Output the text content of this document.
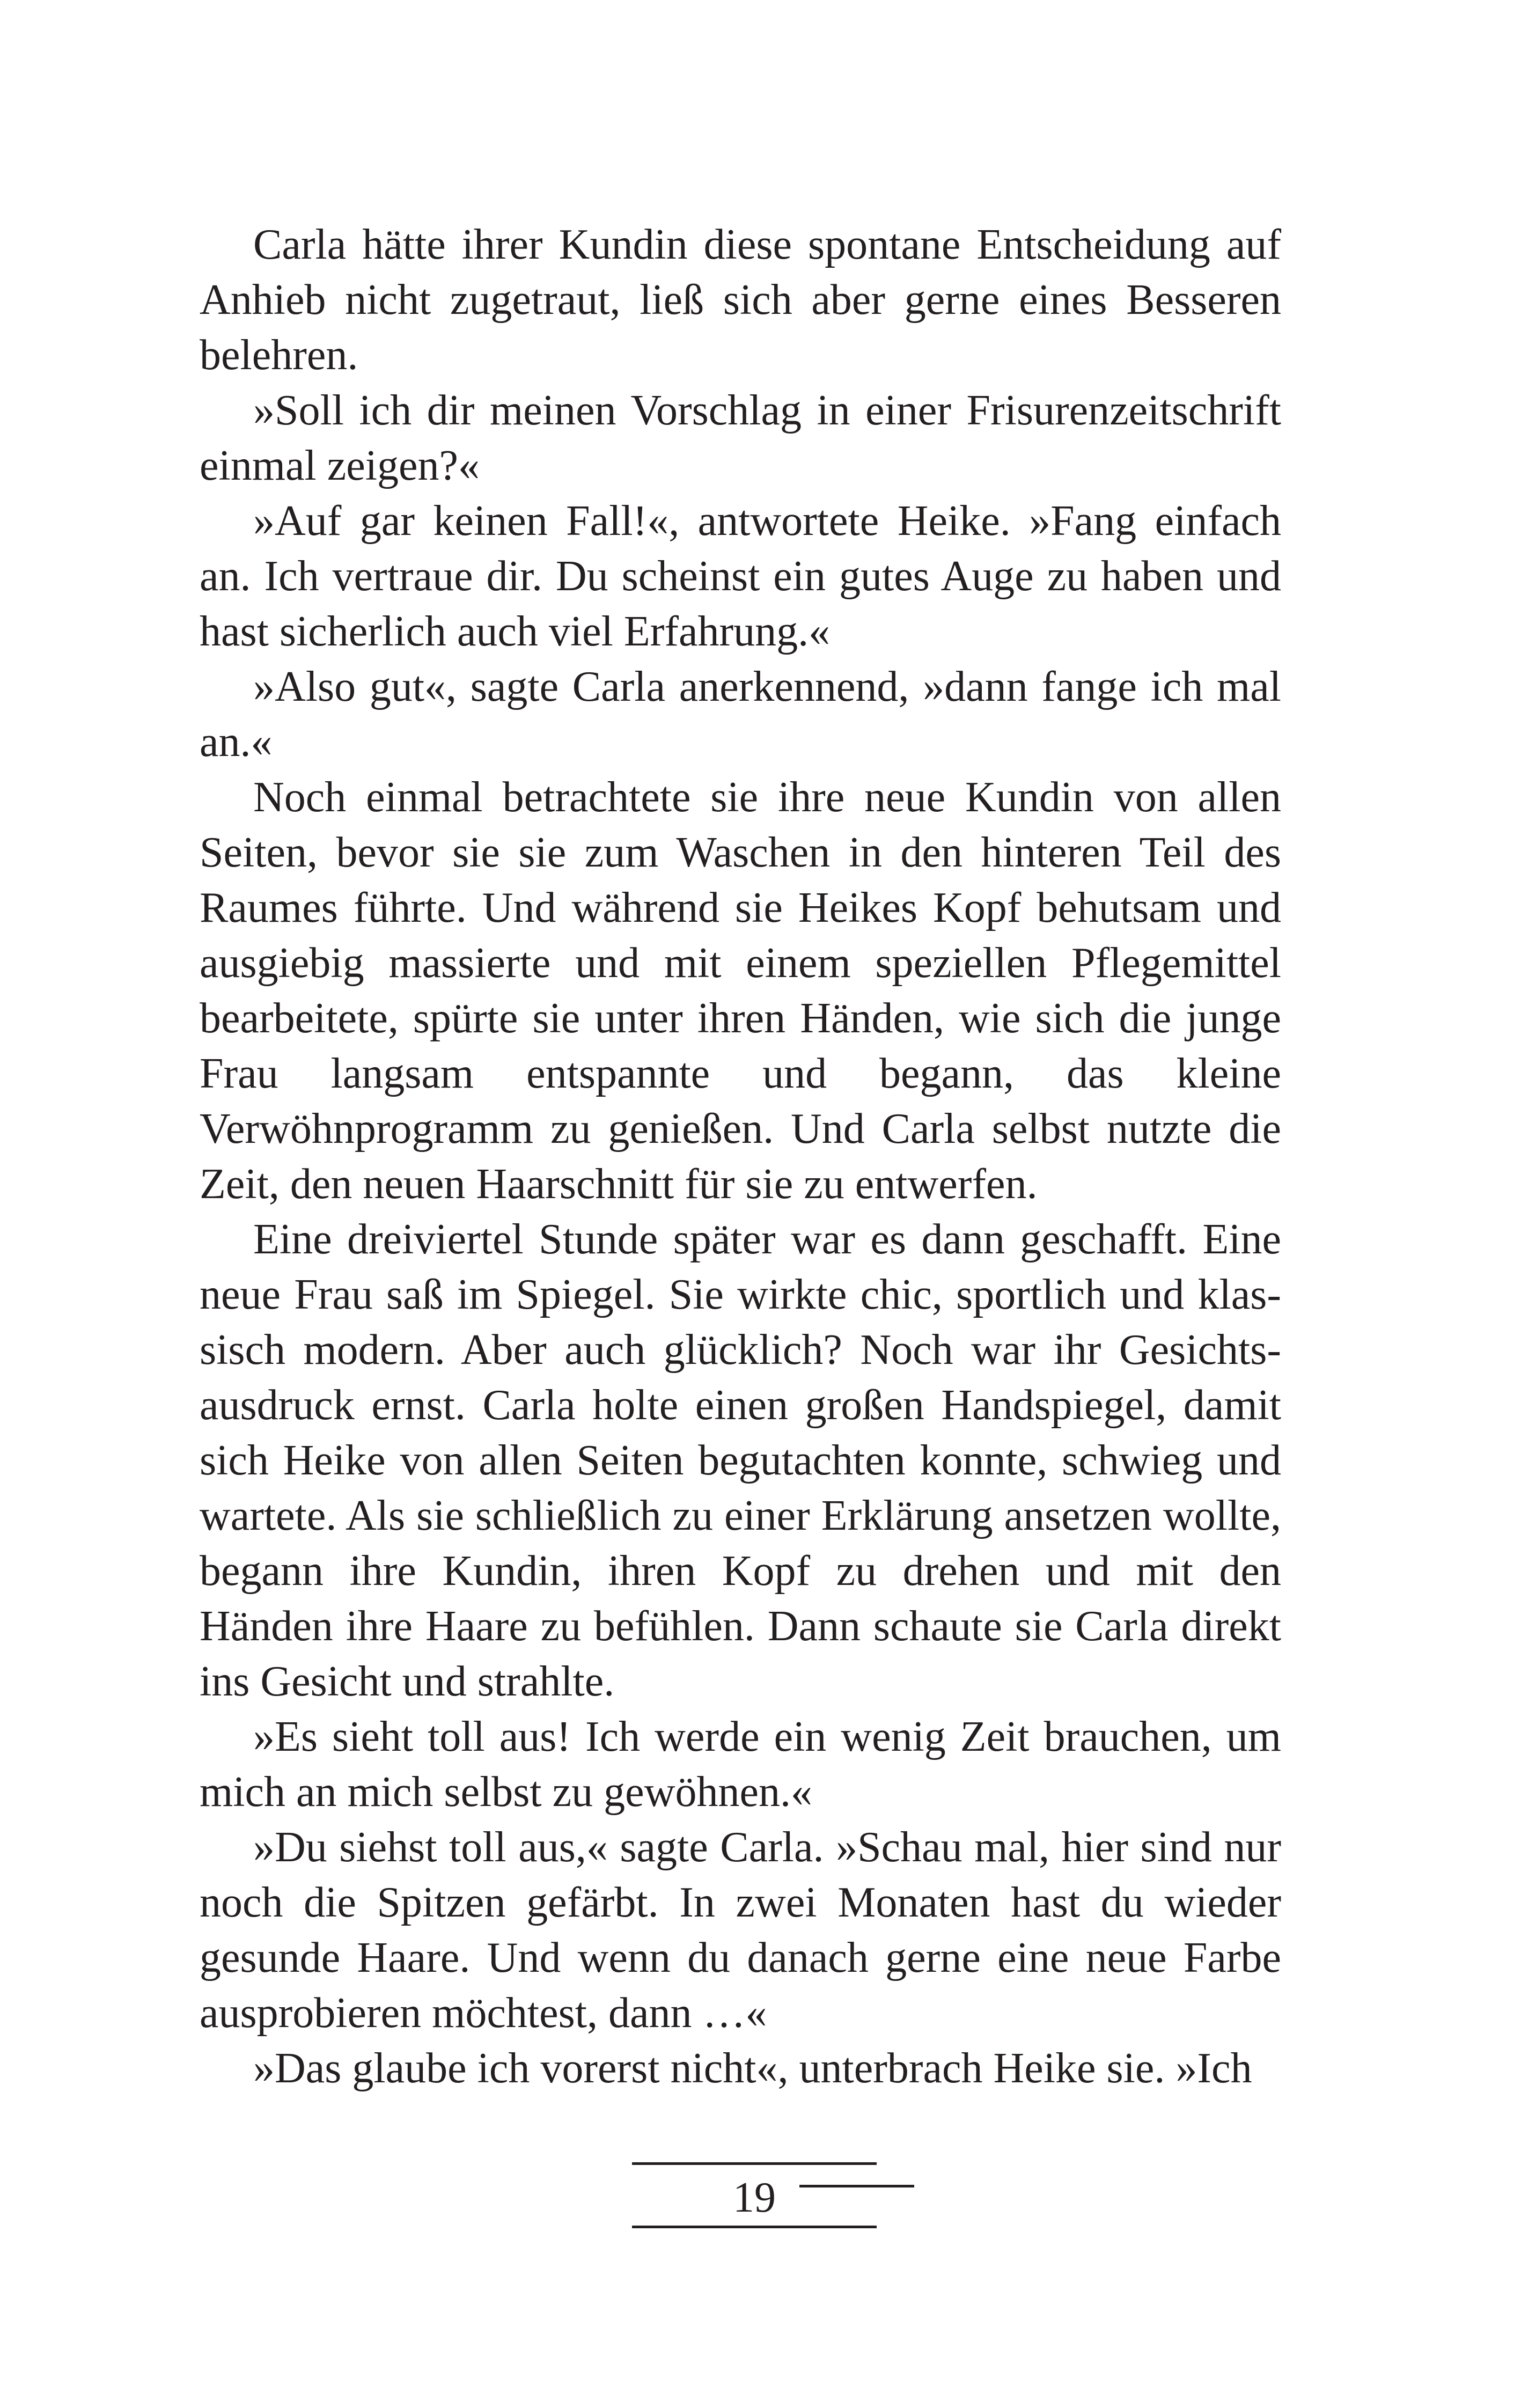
Carla hätte ihrer Kundin diese spontane Entscheidung auf Anhieb nicht zugetraut, ließ sich aber gerne eines Besseren belehren.

»Soll ich dir meinen Vorschlag in einer Frisurenzeitschrift einmal zeigen?«

»Auf gar keinen Fall!«, antwortete Heike. »Fang einfach an. Ich vertraue dir. Du scheinst ein gutes Auge zu haben und hast sicherlich auch viel Erfahrung.«

»Also gut«, sagte Carla anerkennend, »dann fange ich mal an.«

Noch einmal betrachtete sie ihre neue Kundin von allen Seiten, bevor sie sie zum Waschen in den hinteren Teil des Raumes führte. Und während sie Heikes Kopf behutsam und ausgiebig massierte und mit einem speziellen Pflegemittel bearbeitete, spürte sie unter ihren Händen, wie sich die junge Frau langsam entspannte und begann, das kleine Verwöhnprogramm zu genießen. Und Carla selbst nutzte die Zeit, den neuen Haarschnitt für sie zu entwerfen.

Eine dreiviertel Stunde später war es dann geschafft. Eine neue Frau saß im Spiegel. Sie wirkte chic, sportlich und klassisch modern. Aber auch glücklich? Noch war ihr Gesichtsausdruck ernst. Carla holte einen großen Handspiegel, damit sich Heike von allen Seiten begutachten konnte, schwieg und wartete. Als sie schließlich zu einer Erklärung ansetzen wollte, begann ihre Kundin, ihren Kopf zu drehen und mit den Händen ihre Haare zu befühlen. Dann schaute sie Carla direkt ins Gesicht und strahlte.

»Es sieht toll aus! Ich werde ein wenig Zeit brauchen, um mich an mich selbst zu gewöhnen.«

»Du siehst toll aus,« sagte Carla. »Schau mal, hier sind nur noch die Spitzen gefärbt. In zwei Monaten hast du wieder gesunde Haare. Und wenn du danach gerne eine neue Farbe ausprobieren möchtest, dann …«

»Das glaube ich vorerst nicht«, unterbrach Heike sie. »Ich

19
